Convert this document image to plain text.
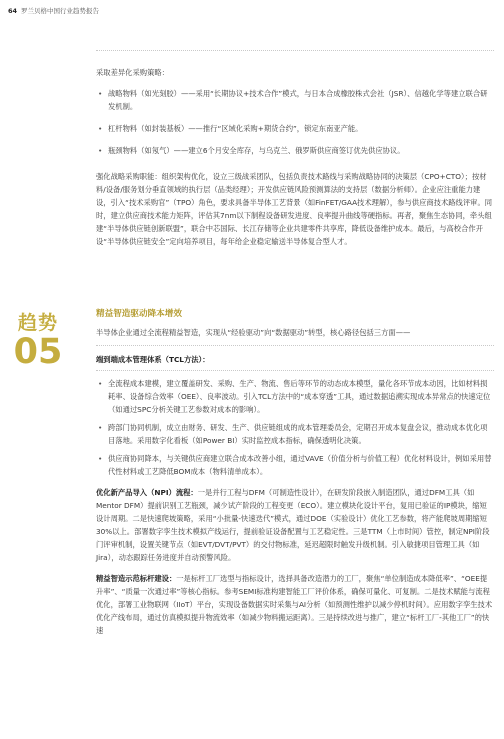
64 罗兰贝格中国行业趋势报告

采取差异化采购策略：

• 战略物料（如光刻胶）——采用“长期协议+技术合作”模式，与日本合成橡胶株式会社（JSR）、信越化学等建立联合研发机制。
• 杠杆物料（如封装基板）——推行“区域化采购+期货合约”，锁定东南亚产能。
• 瓶颈物料（如氖气）——建立6个月安全库存，与乌克兰、俄罗斯供应商签订优先供应协议。

强化战略采购职能：组织架构优化，设立三级战采团队，包括负责技术路线与采购战略协同的决策层（CPO+CTO）；按材料/设备/服务划分垂直领域的执行层（品类经理）；开发供应链风险预测算法的支持层（数据分析师）。企业应注重能力建设，引入“技术采购官”（TPO）角色，要求具备半导体工艺背景（如FinFET/GAA技术理解），参与供应商技术路线评审。同时，建立供应商技术能力矩阵，评估其7nm以下制程设备研发进度、良率提升曲线等硬指标。再者，聚焦生态协同，牵头组建“半导体供应链创新联盟”，联合中芯国际、长江存储等企业共建零件共享库，降低设备维护成本。最后，与高校合作开设“半导体供应链安全”定向培养项目，每年给企业稳定输送半导体复合型人才。

趋势
05
精益智造驱动降本增效

半导体企业通过全流程精益智造，实现从“经验驱动”向“数据驱动”转型，核心路径包括三方面——

端到端成本管理体系（TCL方法）：

• 全流程成本建模，建立覆盖研发、采购、生产、物流、售后等环节的动态成本模型，量化各环节成本动因，比如材料损耗率、设备综合效率（OEE）、良率波动。引入TCL方法中的“成本穿透”工具，通过数据追溯实现成本异常点的快速定位（如通过SPC分析关键工艺参数对成本的影响）。
• 跨部门协同机制，成立由财务、研发、生产、供应链组成的成本管理委员会，定期召开成本复盘会议，推动成本优化项目落地。采用数字化看板（如Power BI）实时监控成本指标，确保透明化决策。
• 供应商协同降本，与关键供应商建立联合成本改善小组，通过VAVE（价值分析与价值工程）优化材料设计，例如采用替代性材料或工艺降低BOM成本（物料清单成本）。

优化新产品导入（NPI）流程：一是并行工程与DFM（可制造性设计），在研发阶段嵌入制造团队，通过DFM工具（如Mentor DFM）提前识别工艺瓶颈，减少试产阶段的工程变更（ECO）。建立模块化设计平台，复用已验证的IP模块，缩短设计周期。二是快速爬坡策略，采用“小批量-快速迭代”模式，通过DOE（实验设计）优化工艺参数，将产能爬坡周期缩短30%以上。部署数字孪生技术模拟产线运行，提前验证设备配置与工艺稳定性。三是TTM（上市时间）管控，制定NPI阶段门评审机制，设置关键节点（如EVT/DVT/PVT）的交付物标准，延迟超限时触发升级机制。引入敏捷项目管理工具（如Jira），动态跟踪任务进度并自动预警风险。

精益智造示范标杆建设：一是标杆工厂选型与指标设计，选择具备改造潜力的工厂，聚焦“单位制造成本降低率”、“OEE提升率”、“质量一次通过率”等核心指标。参考SEMI标准构建智能工厂评价体系，确保可量化、可复制。二是技术赋能与流程优化，部署工业物联网（IIoT）平台，实现设备数据实时采集与AI分析（如预测性维护以减少停机时间）。应用数字孪生技术优化产线布局，通过仿真模拟提升物流效率（如减少物料搬运距离）。三是持续改进与推广，建立“标杆工厂-其他工厂”的快速
